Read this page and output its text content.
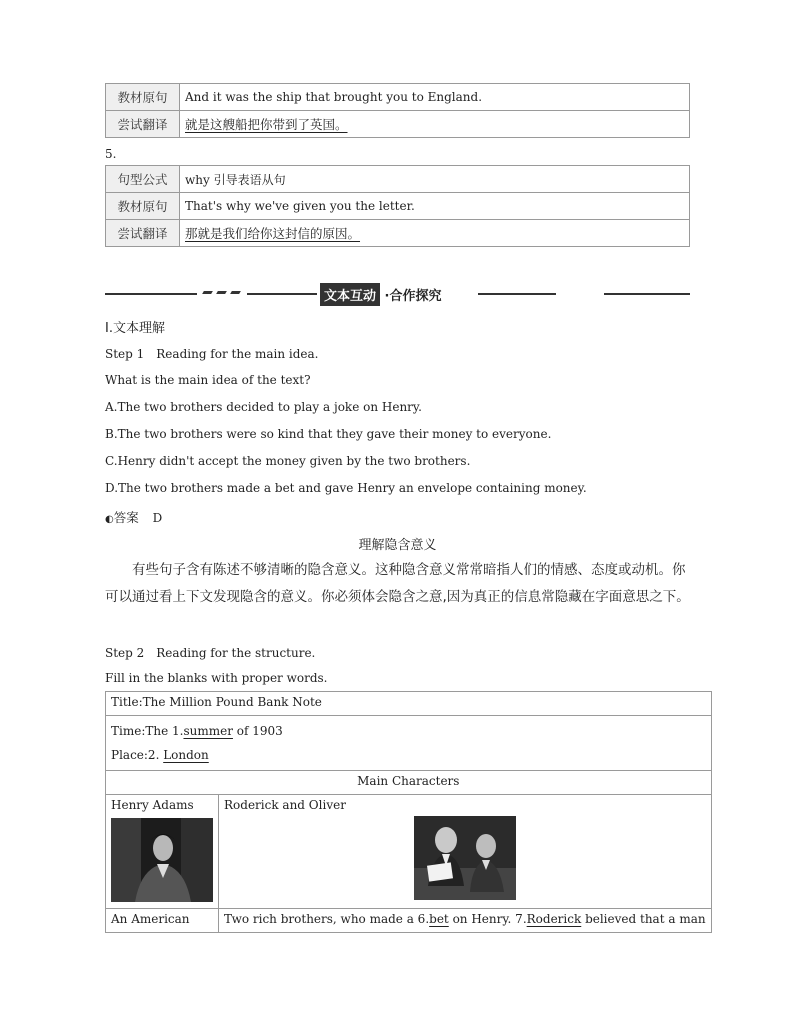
教材原句	And it was the ship that brought you to England.
尝试翻译	就是这艘船把你带到了英国。
5.
句型公式	why 引导表语从句
教材原句	That's why we've given you the letter.
尝试翻译	那就是我们给你这封信的原因。
文本互动 ·合作探究
Ⅰ.文本理解
Step 1　Reading for the main idea.
What is the main idea of the text?
A.The two brothers decided to play a joke on Henry.
B.The two brothers were so kind that they gave their money to everyone.
C.Henry didn't accept the money given by the two brothers.
D.The two brothers made a bet and gave Henry an envelope containing money.
◐答案 D
理解隐含意义
有些句子含有陈述不够清晰的隐含意义。这种隐含意义常常暗指人们的情感、态度或动机。你可以通过看上下文发现隐含的意义。你必须体会隐含之意,因为真正的信息常隐藏在字面意思之下。
Step 2　Reading for the structure.
Fill in the blanks with proper words.
Title:The Million Pound Bank Note	

Time:The 1.summer of 1903
Place:2. London	

Main Characters	

Henry Adams	Roderick and Oliver

An American	Two rich brothers, who made a 6.bet on Henry. 7.Roderick believed that a man
